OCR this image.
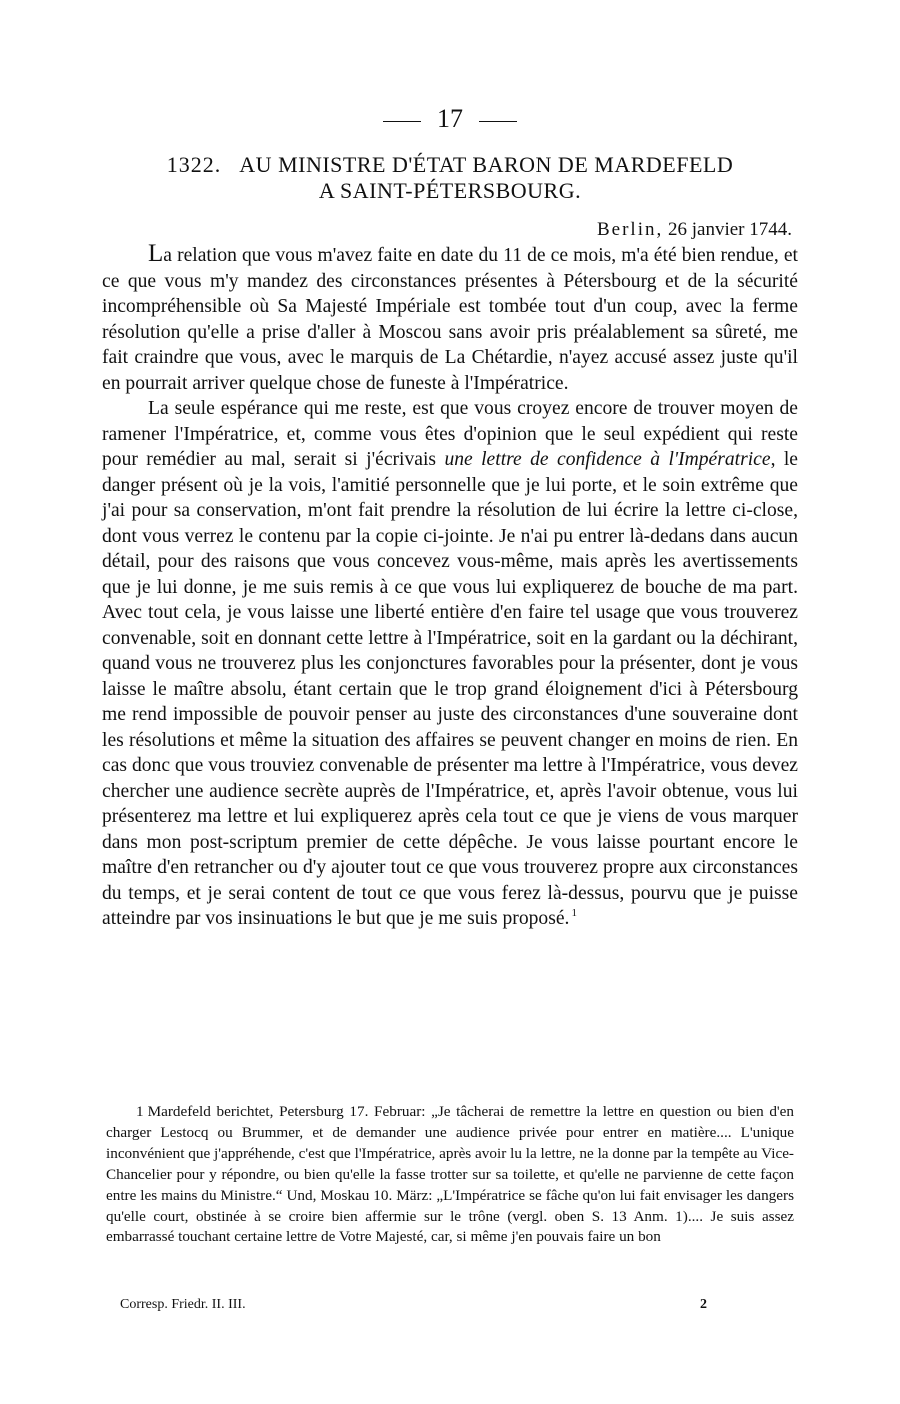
17
1322. AU MINISTRE D'ÉTAT BARON DE MARDEFELD
A SAINT-PÉTERSBOURG.
Berlin, 26 janvier 1744.

La relation que vous m'avez faite en date du 11 de ce mois, m'a été bien rendue, et ce que vous m'y mandez des circonstances présentes à Pétersbourg et de la sécurité incompréhensible où Sa Majesté Impériale est tombée tout d'un coup, avec la ferme résolution qu'elle a prise d'aller à Moscou sans avoir pris préalablement sa sûreté, me fait craindre que vous, avec le marquis de La Chétardie, n'ayez accusé assez juste qu'il en pourrait arriver quelque chose de funeste à l'Impératrice.

La seule espérance qui me reste, est que vous croyez encore de trouver moyen de ramener l'Impératrice, et, comme vous êtes d'opinion que le seul expédient qui reste pour remédier au mal, serait si j'écrivais une lettre de confidence à l'Impératrice, le danger présent où je la vois, l'amitié personnelle que je lui porte, et le soin extrême que j'ai pour sa conservation, m'ont fait prendre la résolution de lui écrire la lettre ci-close, dont vous verrez le contenu par la copie ci-jointe. Je n'ai pu entrer là-dedans dans aucun détail, pour des raisons que vous concevez vous-même, mais après les avertissements que je lui donne, je me suis remis à ce que vous lui expliquerez de bouche de ma part. Avec tout cela, je vous laisse une liberté entière d'en faire tel usage que vous trouverez convenable, soit en donnant cette lettre à l'Impératrice, soit en la gardant ou la déchirant, quand vous ne trouverez plus les conjonctures favorables pour la présenter, dont je vous laisse le maître absolu, étant certain que le trop grand éloignement d'ici à Pétersbourg me rend impossible de pouvoir penser au juste des circonstances d'une souveraine dont les résolutions et même la situation des affaires se peuvent changer en moins de rien. En cas donc que vous trouviez convenable de présenter ma lettre à l'Impératrice, vous devez chercher une audience secrète auprès de l'Impératrice, et, après l'avoir obtenue, vous lui présenterez ma lettre et lui expliquerez après cela tout ce que je viens de vous marquer dans mon post-scriptum premier de cette dépêche. Je vous laisse pourtant encore le maître d'en retrancher ou d'y ajouter tout ce que vous trouverez propre aux circonstances du temps, et je serai content de tout ce que vous ferez là-dessus, pourvu que je puisse atteindre par vos insinuations le but que je me suis proposé. $^1$

1 Mardefeld berichtet, Petersburg 17. Februar: „Je tâcherai de remettre la lettre en question ou bien d'en charger Lestocq ou Brummer, et de demander une audience privée pour entrer en matière.... L'unique inconvénient que j'appréhende, c'est que l'Impératrice, après avoir lu la lettre, ne la donne par la tempête au Vice-Chancelier pour y répondre, ou bien qu'elle la fasse trotter sur sa toilette, et qu'elle ne parvienne de cette façon entre les mains du Ministre.“ Und, Moskau 10. März: „L'Impératrice se fâche qu'on lui fait envisager les dangers qu'elle court, obstinée à se croire bien affermie sur le trône (vergl. oben S. 13 Anm. 1).... Je suis assez embarrassé touchant certaine lettre de Votre Majesté, car, si même j'en pouvais faire un bon

Corresp. Friedr. II. III.	2
